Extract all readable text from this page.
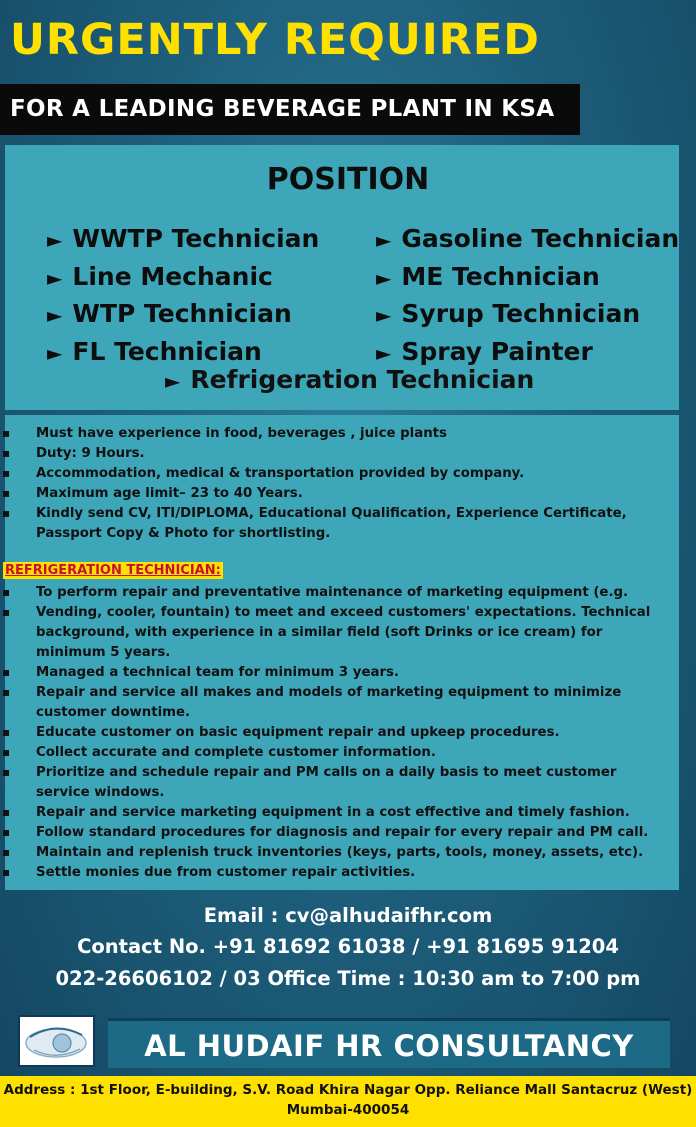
URGENTLY REQUIRED
FOR A LEADING BEVERAGE PLANT IN KSA
POSITION
► WWTP Technician
► Line Mechanic
► WTP Technician
► FL Technician
► Gasoline Technician
► ME Technician
► Syrup Technician
► Spray Painter
► Refrigeration Technician
▪ Must have experience in food, beverages , juice plants
▪ Duty: 9 Hours.
▪ Accommodation, medical & transportation provided by company.
▪ Maximum age limit– 23 to 40 Years.
▪ Kindly send CV, ITI/DIPLOMA, Educational Qualification, Experience Certificate,
Passport Copy & Photo for shortlisting.
REFRIGERATION TECHNICIAN:
▪ To perform repair and preventative maintenance of marketing equipment (e.g.
▪ Vending, cooler, fountain) to meet and exceed customers' expectations. Technical
background, with experience in a similar field (soft Drinks or ice cream) for
minimum 5 years.
▪ Managed a technical team for minimum 3 years.
▪ Repair and service all makes and models of marketing equipment to minimize
customer downtime.
▪ Educate customer on basic equipment repair and upkeep procedures.
▪ Collect accurate and complete customer information.
▪ Prioritize and schedule repair and PM calls on a daily basis to meet customer
service windows.
▪ Repair and service marketing equipment in a cost effective and timely fashion.
▪ Follow standard procedures for diagnosis and repair for every repair and PM call.
▪ Maintain and replenish truck inventories (keys, parts, tools, money, assets, etc).
▪ Settle monies due from customer repair activities.
Email : cv@alhudaifhr.com
Contact No. +91 81692 61038 / +91 81695 91204
022-26606102 / 03 Office Time : 10:30 am to 7:00 pm
AL HUDAIF HR CONSULTANCY
Address : 1st Floor, E-building, S.V. Road Khira Nagar Opp. Reliance Mall Santacruz (West)
Mumbai-400054
